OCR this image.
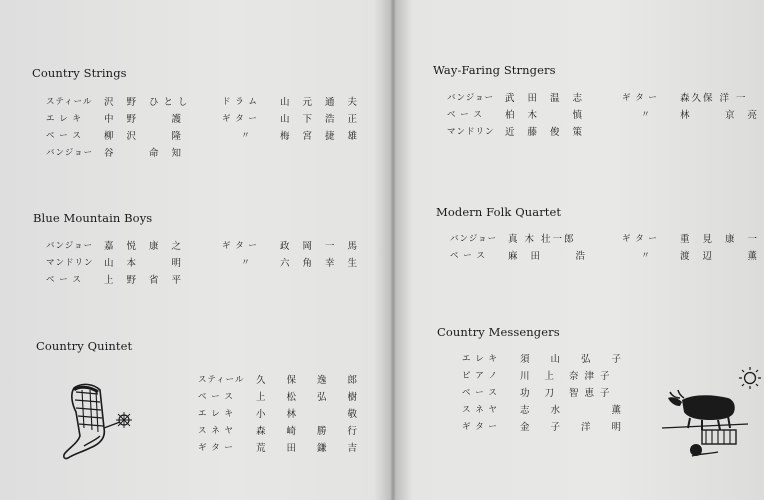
Country Strings
スティール	沢 野 ひとし
エ レ キ	中 野 　 護
ベ ー ス	柳 沢 　 隆
バンジョー	谷 　 命 知
ド ラ ム	山 元 通 夫
ギ タ ー	山 下 浩 正
〃	梅 宮 捷 雄
Blue Mountain Boys
バンジョー	嘉 悦 康 之
マンドリン	山 本 　 明
ベ ー ス	上 野 省 平
ギ タ ー	政 岡 一 馬
〃	六 角 幸 生
Country Quintet
スティール	久 保 逸 郎
ベ ー ス	上 松 弘 樹
エ レ キ	小 林 　 敬
ス ネ ヤ	森 崎 勝 行
ギ タ ー	荒 田 鎌 吉
Way-Faring Strngers
バンジョー	武 田 温 志
ベ ー ス	柏 木 　 慎
マンドリン	近 藤 俊 策
ギ タ ー	森久保 洋 一
〃	林 　 京 亮
Modern Folk Quartet
バンジョー	真 木 壮一郎
ベ ー ス	麻 田 　 浩
ギ タ ー	重 見 康 一
〃	渡 辺 　 薫
Country Messengers
エ レ キ	須 山 弘 子
ピ ア ノ	川 上 奈津子
ベ ー ス	功 刀 智恵子
ス ネ ヤ	志 水 　 薫
ギ タ ー	金 子 洋 明
